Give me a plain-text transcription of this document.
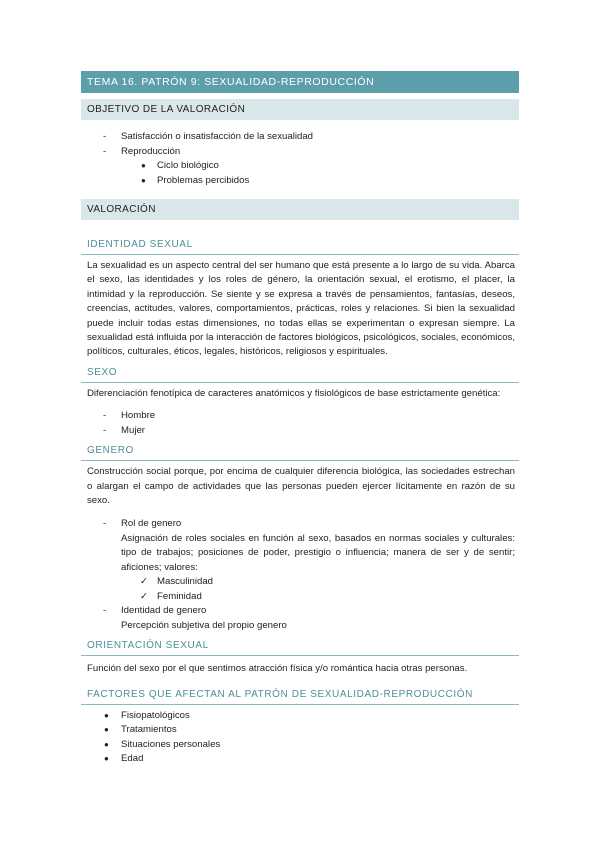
TEMA 16. PATRÓN 9: SEXUALIDAD-REPRODUCCIÓN
OBJETIVO DE LA VALORACIÓN
- Satisfacción o insatisfacción de la sexualidad
- Reproducción
● Ciclo biológico
● Problemas percibidos
VALORACIÓN
IDENTIDAD SEXUAL

La sexualidad es un aspecto central del ser humano que está presente a lo largo de su vida. Abarca el sexo, las identidades y los roles de género, la orientación sexual, el erotismo, el placer, la intimidad y la reproducción. Se siente y se expresa a través de pensamientos, fantasías, deseos, creencias, actitudes, valores, comportamientos, prácticas, roles y relaciones. Si bien la sexualidad puede incluir todas estas dimensiones, no todas ellas se experimentan o expresan siempre. La sexualidad está influida por la interacción de factores biológicos, psicológicos, sociales, económicos, políticos, culturales, éticos, legales, históricos, religiosos y espirituales.

SEXO

Diferenciación fenotípica de caracteres anatómicos y fisiológicos de base estrictamente genética:

- Hombre
- Mujer
GENERO

Construcción social porque, por encima de cualquier diferencia biológica, las sociedades estrechan o alargan el campo de actividades que las personas pueden ejercer lícitamente en razón de su sexo.

- Rol de genero
Asignación de roles sociales en función al sexo, basados en normas sociales y culturales: tipo de trabajos; posiciones de poder, prestigio o influencia; manera de ser y de sentir; aficiones; valores:
✓ Masculinidad
✓ Feminidad
- Identidad de genero
Percepción subjetiva del propio genero
ORIENTACIÓN SEXUAL

Función del sexo por el que sentimos atracción física y/o romántica hacia otras personas.

FACTORES QUE AFECTAN AL PATRÓN DE SEXUALIDAD-REPRODUCCIÓN
● Fisiopatológicos
● Tratamientos
● Situaciones personales
● Edad
